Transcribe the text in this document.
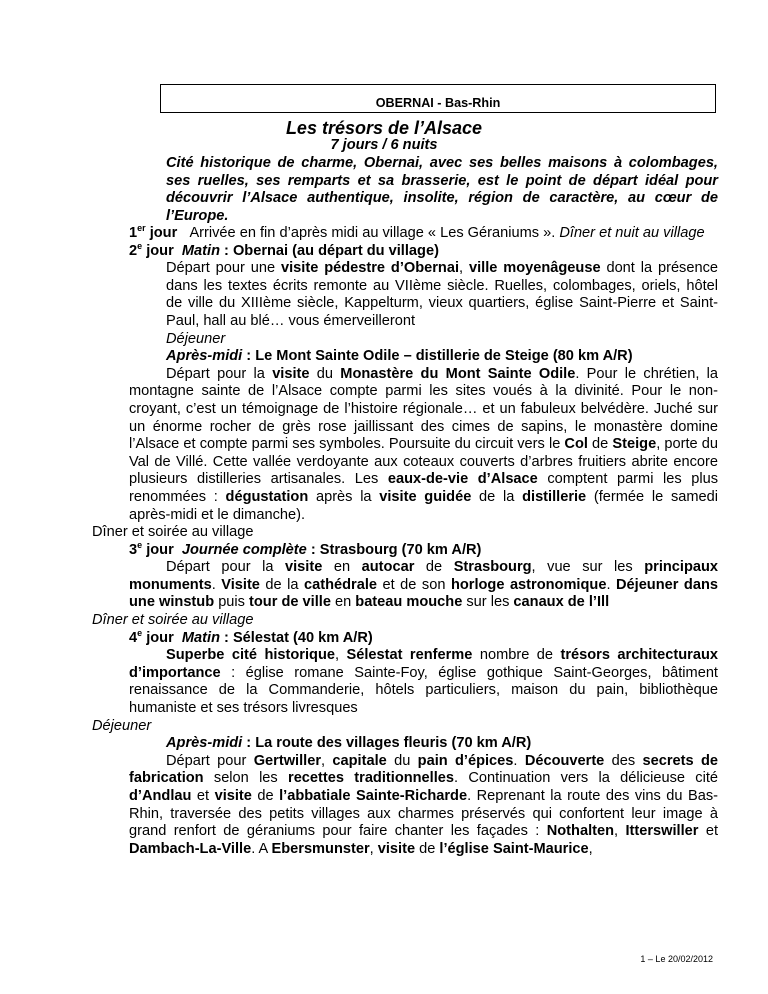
OBERNAI - Bas-Rhin
Les trésors de l’Alsace
7 jours / 6 nuits
Cité historique de charme, Obernai, avec ses belles maisons à colombages, ses ruelles, ses remparts et sa brasserie, est le point de départ idéal pour découvrir l’Alsace authentique, insolite, région de caractère, au cœur de l’Europe.

1er jour Arrivée en fin d’après midi au village « Les Géraniums ». Dîner et nuit au village

2e jour Matin : Obernai (au départ du village)

Départ pour une visite pédestre d’Obernai, ville moyenâgeuse dont la présence dans les textes écrits remonte au VIIème siècle. Ruelles, colombages, oriels, hôtel de ville du XIIIème siècle, Kappelturm, vieux quartiers, église Saint-Pierre et Saint-Paul, hall au blé… vous émerveilleront

Déjeuner

Après-midi : Le Mont Sainte Odile – distillerie de Steige (80 km A/R)

Départ pour la visite du Monastère du Mont Sainte Odile. Pour le chrétien, la montagne sainte de l’Alsace compte parmi les sites voués à la divinité. Pour le non-croyant, c’est un témoignage de l’histoire régionale… et un fabuleux belvédère. Juché sur un énorme rocher de grès rose jaillissant des cimes de sapins, le monastère domine l’Alsace et compte parmi ses symboles. Poursuite du circuit vers le Col de Steige, porte du Val de Villé. Cette vallée verdoyante aux coteaux couverts d’arbres fruitiers abrite encore plusieurs distilleries artisanales. Les eaux-de-vie d’Alsace comptent parmi les plus renommées : dégustation après la visite guidée de la distillerie (fermée le samedi après-midi et le dimanche).

Dîner et soirée au village

3e jour Journée complète : Strasbourg (70 km A/R)

Départ pour la visite en autocar de Strasbourg, vue sur les principaux monuments. Visite de la cathédrale et de son horloge astronomique. Déjeuner dans une winstub puis tour de ville en bateau mouche sur les canaux de l’Ill

Dîner et soirée au village

4e jour Matin : Sélestat (40 km A/R)

Superbe cité historique, Sélestat renferme nombre de trésors architecturaux d’importance : église romane Sainte-Foy, église gothique Saint-Georges, bâtiment renaissance de la Commanderie, hôtels particuliers, maison du pain, bibliothèque humaniste et ses trésors livresques

Déjeuner

Après-midi : La route des villages fleuris (70 km A/R)

Départ pour Gertwiller, capitale du pain d’épices. Découverte des secrets de fabrication selon les recettes traditionnelles. Continuation vers la délicieuse cité d’Andlau et visite de l’abbatiale Sainte-Richarde. Reprenant la route des vins du Bas-Rhin, traversée des petits villages aux charmes préservés qui confortent leur image à grand renfort de géraniums pour faire chanter les façades : Nothalten, Itterswiller et Dambach-La-Ville. A Ebersmunster, visite de l’église Saint-Maurice,

1 – Le 20/02/2012
